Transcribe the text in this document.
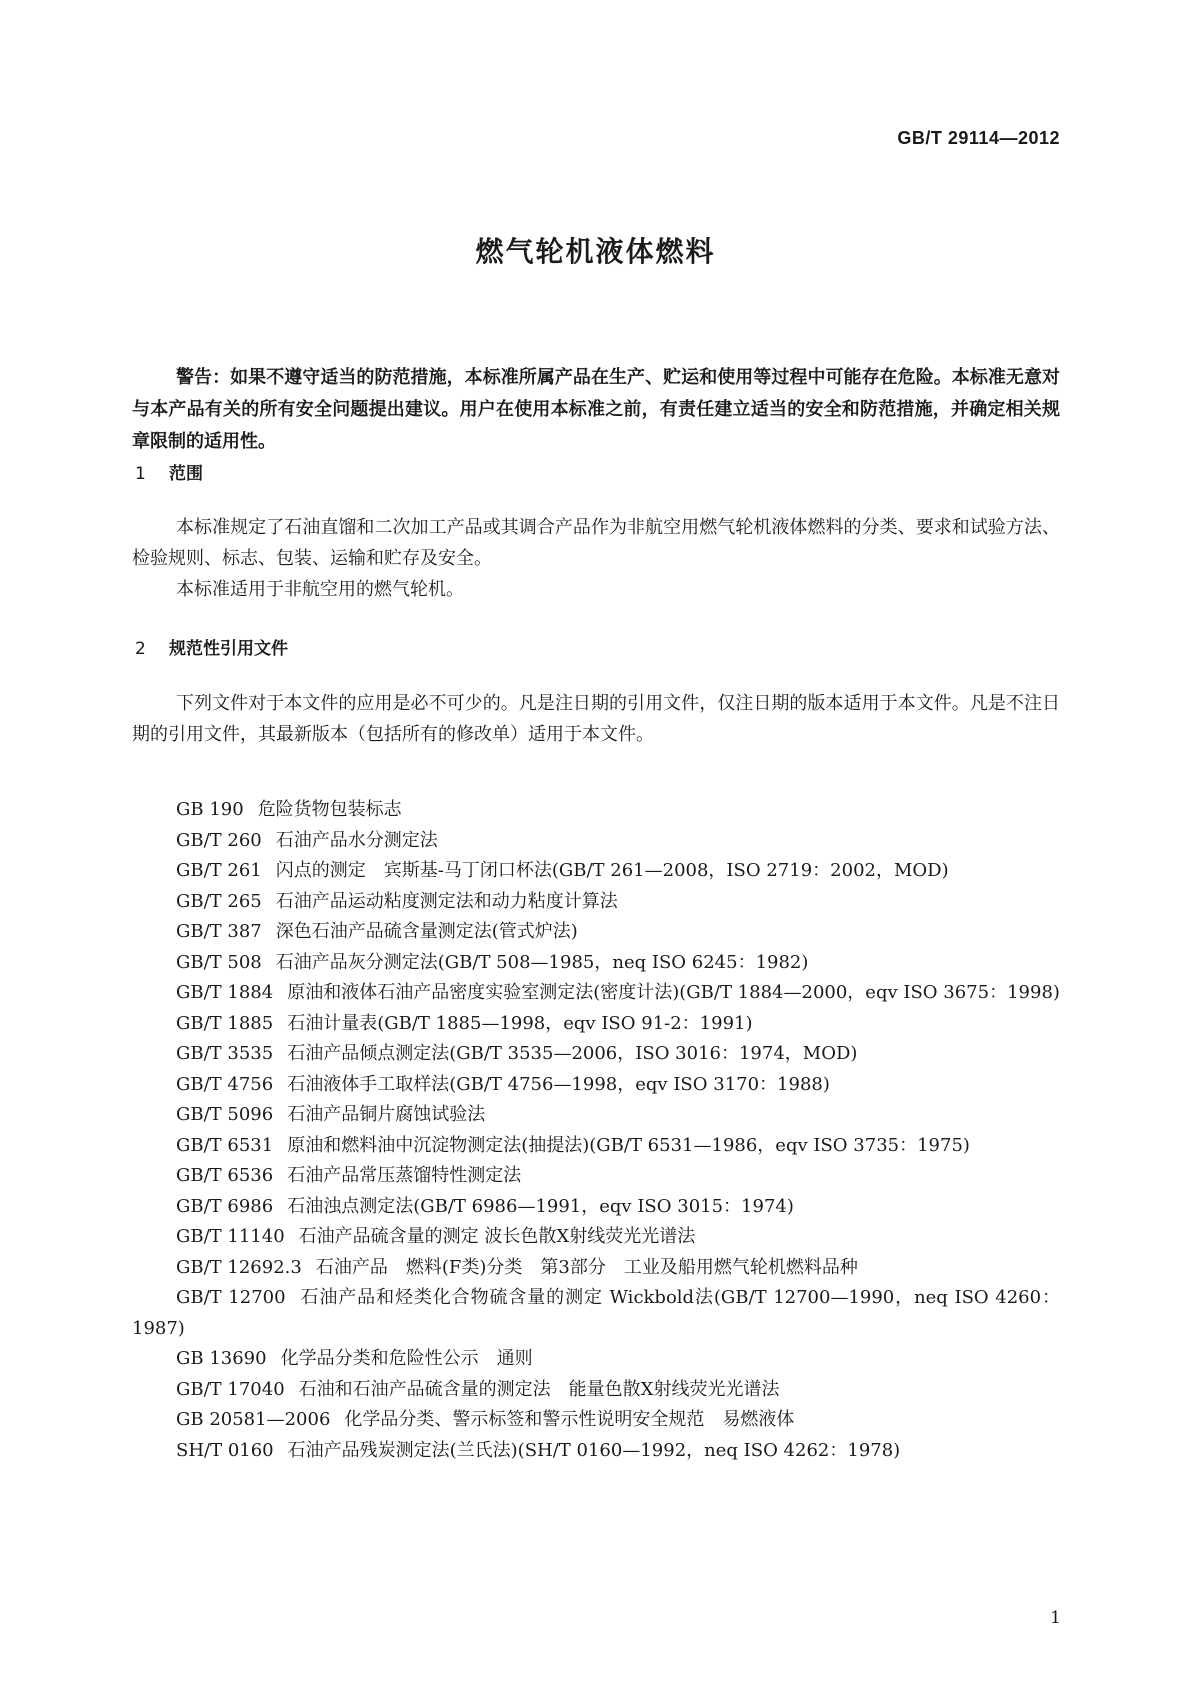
GB/T 29114—2012
燃气轮机液体燃料
警告：如果不遵守适当的防范措施，本标准所属产品在生产、贮运和使用等过程中可能存在危险。本标准无意对与本产品有关的所有安全问题提出建议。用户在使用本标准之前，有责任建立适当的安全和防范措施，并确定相关规章限制的适用性。
1 范围

本标准规定了石油直馏和二次加工产品或其调合产品作为非航空用燃气轮机液体燃料的分类、要求和试验方法、检验规则、标志、包装、运输和贮存及安全。

本标准适用于非航空用的燃气轮机。

2 规范性引用文件

下列文件对于本文件的应用是必不可少的。凡是注日期的引用文件，仅注日期的版本适用于本文件。凡是不注日期的引用文件，其最新版本（包括所有的修改单）适用于本文件。

GB 190 危险货物包装标志

GB/T 260 石油产品水分测定法

GB/T 261 闪点的测定　宾斯基-马丁闭口杯法(GB/T 261—2008，ISO 2719：2002，MOD)

GB/T 265 石油产品运动粘度测定法和动力粘度计算法

GB/T 387 深色石油产品硫含量测定法(管式炉法)

GB/T 508 石油产品灰分测定法(GB/T 508—1985，neq ISO 6245：1982)

GB/T 1884 原油和液体石油产品密度实验室测定法(密度计法)(GB/T 1884—2000，eqv ISO 3675：1998)

GB/T 1885 石油计量表(GB/T 1885—1998，eqv ISO 91-2：1991)

GB/T 3535 石油产品倾点测定法(GB/T 3535—2006，ISO 3016：1974，MOD)

GB/T 4756 石油液体手工取样法(GB/T 4756—1998，eqv ISO 3170：1988)

GB/T 5096 石油产品铜片腐蚀试验法

GB/T 6531 原油和燃料油中沉淀物测定法(抽提法)(GB/T 6531—1986，eqv ISO 3735：1975)

GB/T 6536 石油产品常压蒸馏特性测定法

GB/T 6986 石油浊点测定法(GB/T 6986—1991，eqv ISO 3015：1974)

GB/T 11140 石油产品硫含量的测定 波长色散X射线荧光光谱法

GB/T 12692.3 石油产品　燃料(F类)分类　第3部分　工业及船用燃气轮机燃料品种

GB/T 12700 石油产品和烃类化合物硫含量的测定 Wickbold法(GB/T 12700—1990，neq ISO 4260：1987)

GB 13690 化学品分类和危险性公示　通则

GB/T 17040 石油和石油产品硫含量的测定法　能量色散X射线荧光光谱法

GB 20581—2006 化学品分类、警示标签和警示性说明安全规范　易燃液体

SH/T 0160 石油产品残炭测定法(兰氏法)(SH/T 0160—1992，neq ISO 4262：1978)

1
